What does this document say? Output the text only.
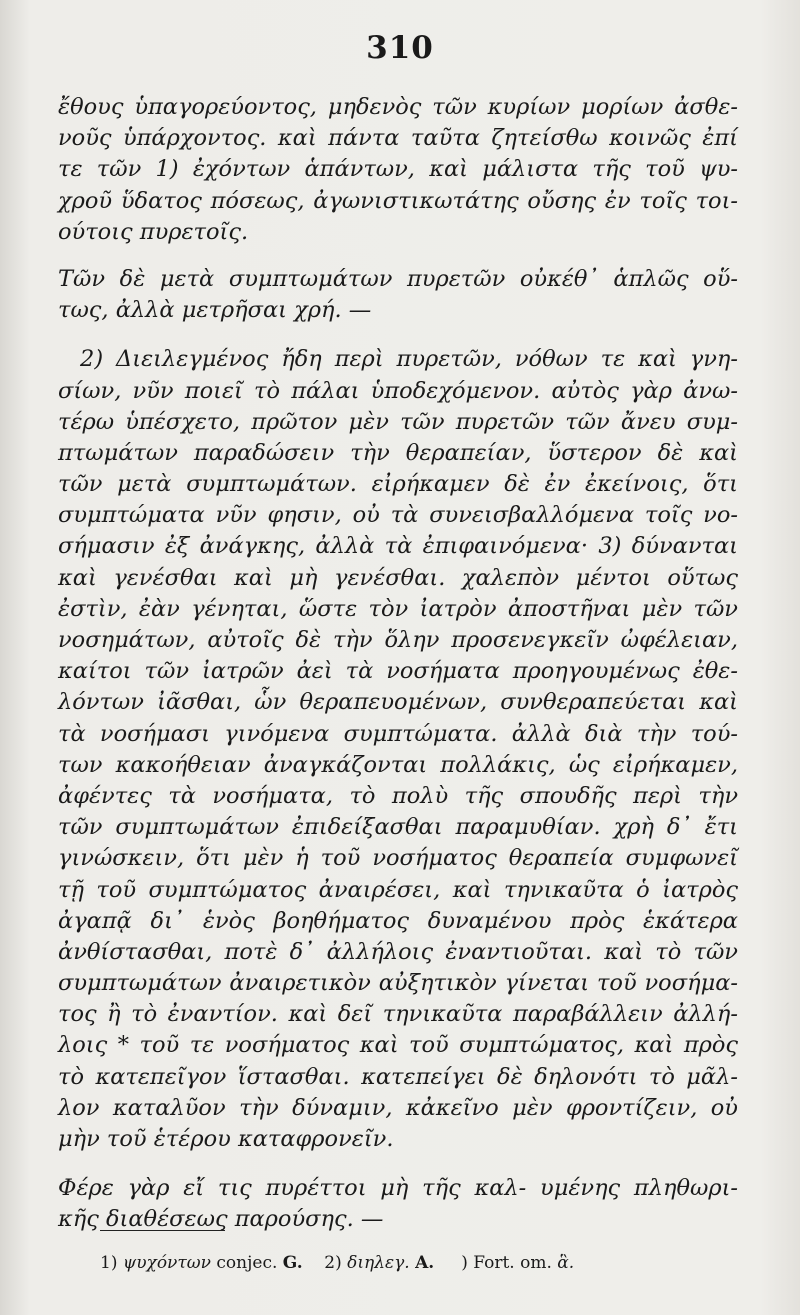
310
ἔθους ὑπαγορεύοντος, μηδενὸς τῶν κυρίων μορίων ἀσθε-
νοῦς ὑπάρχοντος. καὶ πάντα ταῦτα ζητείσθω κοινῶς ἐπί
τε τῶν 1) ἐχόντων ἁπάντων, καὶ μάλιστα τῆς τοῦ ψυ-
χροῦ ὕδατος πόσεως, ἀγωνιστικωτάτης οὔσης ἐν τοῖς τοι-
ούτοις πυρετοῖς.
Τῶν δὲ μετὰ συμπτωμάτων πυρετῶν οὐκέθ᾽ ἁπλῶς οὕ-
τως, ἀλλὰ μετρῆσαι χρή. —
2) Διειλεγμένος ἤδη περὶ πυρετῶν, νόθων τε καὶ γνη-
σίων, νῦν ποιεῖ τὸ πάλαι ὑποδεχόμενον. αὐτὸς γὰρ ἀνω-
τέρω ὑπέσχετο, πρῶτον μὲν τῶν πυρετῶν τῶν ἄνευ συμ-
πτωμάτων παραδώσειν τὴν θεραπείαν, ὕστερον δὲ καὶ
τῶν μετὰ συμπτωμάτων. εἰρήκαμεν δὲ ἐν ἐκείνοις, ὅτι
συμπτώματα νῦν φησιν, οὐ τὰ συνεισβαλλόμενα τοῖς νο-
σήμασιν ἐξ ἀνάγκης, ἀλλὰ τὰ ἐπιφαινόμενα· 3) δύνανται
καὶ γενέσθαι καὶ μὴ γενέσθαι. χαλεπὸν μέντοι οὕτως
ἐστὶν, ἐὰν γένηται, ὥστε τὸν ἰατρὸν ἀποστῆναι μὲν τῶν
νοσημάτων, αὐτοῖς δὲ τὴν ὅλην προσενεγκεῖν ὠφέλειαν,
καίτοι τῶν ἰατρῶν ἀεὶ τὰ νοσήματα προηγουμένως ἐθε-
λόντων ἰᾶσθαι, ὧν θεραπευομένων, συνθεραπεύεται καὶ
τὰ νοσήμασι γινόμενα συμπτώματα. ἀλλὰ διὰ τὴν τού-
των κακοήθειαν ἀναγκάζονται πολλάκις, ὡς εἰρήκαμεν,
ἀφέντες τὰ νοσήματα, τὸ πολὺ τῆς σπουδῆς περὶ τὴν
τῶν συμπτωμάτων ἐπιδείξασθαι παραμυθίαν. χρὴ δ᾽ ἔτι
γινώσκειν, ὅτι μὲν ἡ τοῦ νοσήματος θεραπεία συμφωνεῖ
τῇ τοῦ συμπτώματος ἀναιρέσει, καὶ τηνικαῦτα ὁ ἰατρὸς
ἀγαπᾷ δι᾽ ἑνὸς βοηθήματος δυναμένου πρὸς ἑκάτερα
ἀνθίστασθαι, ποτὲ δ᾽ ἀλλήλοις ἐναντιοῦται. καὶ τὸ τῶν
συμπτωμάτων ἀναιρετικὸν αὐξητικὸν γίνεται τοῦ νοσήμα-
τος ἢ τὸ ἐναντίον. καὶ δεῖ τηνικαῦτα παραβάλλειν ἀλλή-
λοις * τοῦ τε νοσήματος καὶ τοῦ συμπτώματος, καὶ πρὸς
τὸ κατεπεῖγον ἵστασθαι. κατεπείγει δὲ δηλονότι τὸ μᾶλ-
λον καταλῦον τὴν δύναμιν, κἀκεῖνο μὲν φροντίζειν, οὐ
μὴν τοῦ ἑτέρου καταφρονεῖν.
Φέρε γὰρ εἴ τις πυρέττοι μὴ τῆς καλ- υμένης πληθωρι-
κῆς διαθέσεως παρούσης. —
1) ψυχόντων conjec. G. 2) διηλεγ. A. ) Fort. om. ἃ.
